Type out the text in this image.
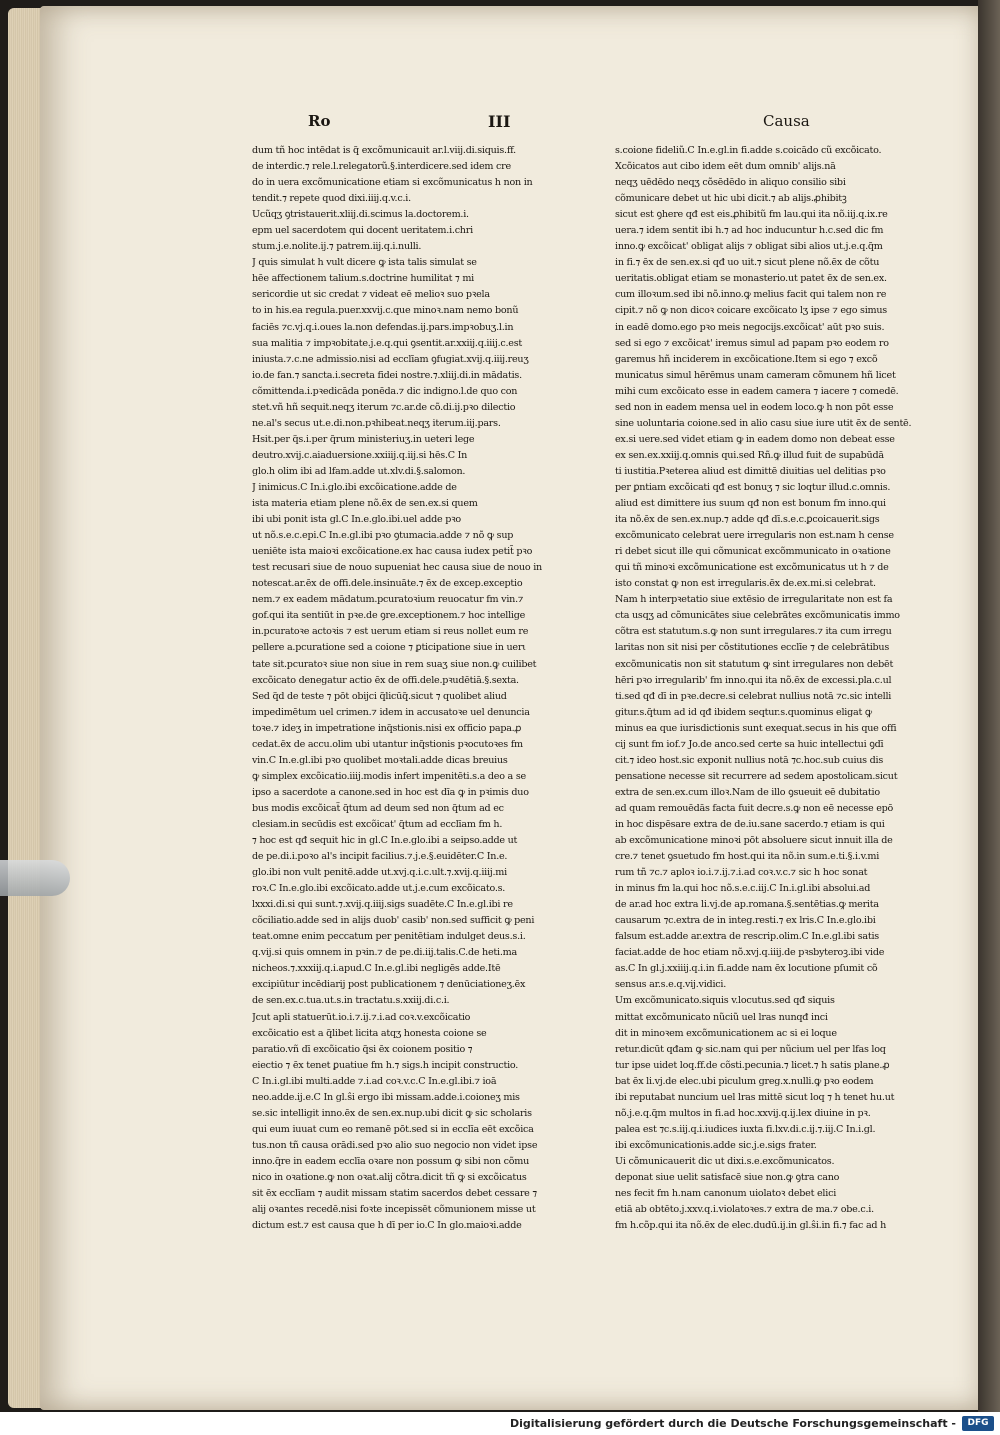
Ro	III	Causa
dum tñ hoc intēdat is q̃ excõmunicauit ar.l.viij.di.siquis.ff.
de interdic.⁊ rele.l.relegatorũ.§.interdicere.sed idem cre
do in uera excõmunicatione etiam si excõmunicatus h non in
tendit.⁊ repete quod dixi.iiij.q.v.c.i.
Ucũqʒ ꝯtristauerit.xliij.di.scimus la.doctorem.i.
epm uel sacerdotem qui docent ueritatem.i.chri
stum.j.e.nolite.ij.⁊ patrem.iij.q.i.nulli.
J quis simulat h vult dicere ꝙ ista talis simulat se
hēe affectionem talium.s.doctrine humilitat ⁊ mi
sericordie ut sic credat ⁊ videat eē melioꝛ suo pꝛela
to in his.ea regula.puer.xxvij.c.que minoꝛ.nam nemo bonũ
faciēs ⁊c.vj.q.i.oues la.non defendas.ij.pars.impꝛobuʒ.l.in
sua malitia ⁊ impꝛobitate.j.e.q.qui ꝯsentit.ar.xxiij.q.iiij.c.est
iniusta.⁊.c.ne admissio.nisi ad ecclīam ꝯfugiat.xvij.q.iiij.reuʒ
io.de fan.⁊ sancta.i.secreta fidei nostre.⁊.xliij.di.in mādatis.
cõmittenda.i.pꝛedicāda ponēda.⁊ dic indigno.l.de quo con
stet.vñ hñ sequit.neqʒ iterum ⁊c.ar.de cõ.di.ij.pꝛo dilectio
ne.al's secus ut.e.di.non.pꝛhibeat.neqʒ iterum.iij.pars.
Hsit.per q̃s.i.per q̃rum ministeriuʒ.in ueteri lege
deutro.xvij.c.aiaduersione.xxiiij.q.iij.si hēs.C In
glo.h olim ibi ad lfam.adde ut.xlv.di.§.salomon.
J inimicus.C In.i.glo.ibi excõicatione.adde de
ista materia etiam plene nõ.ēx de sen.ex.si quem
ibi ubi ponit ista gl.C In.e.glo.ibi.uel adde pꝛo
ut nõ.s.e.c.epi.C In.e.gl.ibi pꝛo ꝯtumacia.adde ⁊ nõ ꝙ sup
ueniēte ista maioꝛi excõicatione.ex hac causa iudex petit̃ pꝛo
test recusari siue de nouo supueniat hec causa siue de nouo in
notescat.ar.ēx de offi.dele.insinuāte.⁊ ēx de excep.exceptio
nem.⁊ ex eadem mādatum.pcuratoꝛium reuocatur fm vin.⁊
gof.qui ita sentiūt in pꝛe.de ꝯre.exceptionem.⁊ hoc intellige
in.pcuratoꝛe actoꝛis ⁊ est uerum etiam si reus nollet eum re
pellere a.pcuratione sed a coione ⁊ ꝑticipatione siue in uerι
tate sit.pcuratoꝛ siue non siue in rem suaʒ siue non.ꝙ cuilibet
excõicato denegatur actio ēx de offi.dele.pꝛudētiā.§.sexta.
Sed q̃d de teste ⁊ pōt obijci q̃licūq̃.sicut ⁊ quolibet aliud
impedimētum uel crimen.⁊ idem in accusatoꝛe uel denuncia
toꝛe.⁊ ideʒ in impetratione inq̃stionis.nisi ex officio papa.ꝓ
cedat.ēx de accu.olim ubi utantur inq̃stionis pꝛocutoꝛes fm
vin.C In.e.gl.ibi pꝛo quolibet moꝛtali.adde dicas breuius
ꝙ simplex excõicatio.iiij.modis infert impenitēti.s.a deo a se
ipso a sacerdote a canone.sed in hoc est dīa ꝙ in pꝛimis duo
bus modis excõicat̃ q̃tum ad deum sed non q̃tum ad ec
clesiam.in secūdis est excõicat' q̃tum ad ecclīam fm h.
⁊ hoc est qđ sequit hic in gl.C In.e.glo.ibi a seipso.adde ut
de pe.di.i.poꝛo al's incipit facilius.⁊.j.e.§.euidēter.C In.e.
glo.ibi non vult penitē.adde ut.xvj.q.i.c.ult.⁊.xvij.q.iiij.mi
roꝛ.C In.e.glo.ibi excõicato.adde ut.j.e.cum excõicato.s.
lxxxi.di.si qui sunt.⁊.xvij.q.iiij.sigs suadēte.C In.e.gl.ibi re
cõciliatio.adde sed in alijs duob' casib' non.sed sufficit ꝙ peni
teat.omne enim peccatum per penitētiam indulget deus.s.i.
q.vij.si quis omnem in pꝛin.⁊ de pe.di.iij.talis.C.de heti.ma
nicheos.⁊.xxxiij.q.i.apud.C In.e.gl.ibi negligēs adde.Itē
excipiūtur incēdiarij post publicationem ⁊ denūciationeʒ.ēx
de sen.ex.c.tua.ut.s.in tractatu.s.xxiij.di.c.i.
Jcut apli statuerūt.io.i.⁊.ij.⁊.i.ad coꝛ.v.excõicatio
excõicatio est a q̃libet licita atqʒ honesta coione se
paratio.vñ dī excõicatio q̃si ēx coionem positio ⁊
eiectio ⁊ ēx tenet ꝑuatiue fm h.⁊ sigs.h incipit constructio.
C In.i.gl.ibi multi.adde ⁊.i.ad coꝛ.v.c.C In.e.gl.ibi.⁊ ioā
neo.adde.ij.e.C In gl.ŝi ergo ibi missam.adde.i.coioneʒ mis
se.sic intelligit inno.ēx de sen.ex.nup.ubi dicit ꝙ sic scholaris
qui eum iuuat cum eo remanē pōt.sed si in ecclīa eēt excõica
tus.non tñ causa orādi.sed pꝛo alio suo negocio non videt ipse
inno.q̃re in eadem ecclīa oꝛare non possum ꝙ sibi non cõmu
nico in oꝛatione.ꝙ non oꝛat.alij cõtra.dicit tñ ꝙ si excõicatus
sit ēx ecclīam ⁊ audit missam statim sacerdos debet cessare ⁊
alij oꝛantes recedē.nisi foꝛte incepissēt cõmunionem misse ut
dictum est.⁊ est causa que h dī per io.C In glo.maioꝛi.adde
s.coione fideliũ.C In.e.gl.in fi.adde s.coicādo cũ excõicato.
Xcõicatos aut cibo idem eēt dum omnib' alijs.nā
neqʒ uēdēdo neqʒ cõsēdēdo in aliquo consilio sibi
cõmunicare debet ut hic ubi dicit.⁊ ab alijs.ꝓhibitꝫ
sicut est ꝯhere qđ est eis.ꝓhibitũ fm lau.qui ita nõ.iij.q.ix.re
uera.⁊ idem sentit ibi h.⁊ ad hoc inducuntur h.c.sed dic fm
inno.ꝙ excõicat' obligat alijs ⁊ obligat sibi alios ut.j.e.q.q̃m
in fi.⁊ ēx de sen.ex.si qđ uo uit.⁊ sicut plene nõ.ēx de cõtu
ueritatis.obligat etiam se monasterio.ut patet ēx de sen.ex.
cum illoꝛum.sed ibi nõ.inno.ꝙ melius facit qui talem non re
cipit.⁊ nõ ꝙ non dicoꝛ coicare excõicato lʒ ipse ⁊ ego simus
in eadē domo.ego pꝛo meis negocijs.excõicat' aūt pꝛo suis.
sed si ego ⁊ excõicat' iremus simul ad papam pꝛo eodem ro
garemus hñ inciderem in excõicatione.Item si ego ⁊ excõ
municatus simul hērēmus unam cameram cõmunem hñ licet
mihi cum excõicato esse in eadem camera ⁊ iacere ⁊ comedē.
sed non in eadem mensa uel in eodem loco.ꝙ h non pōt esse
sine uoluntaria coione.sed in alio casu siue iure utit ēx de sentē.
ex.si uere.sed videt etiam ꝙ in eadem domo non debeat esse
ex sen.ex.xxiij.q.omnis qui.sed Rñ.ꝙ illud fuit de supabūdā
ti iustitia.Pꝛeterea aliud est dimittē diuitias uel delitias pꝛo
per ꝑntiam excõicati qđ est bonuʒ ⁊ sic loqtur illud.c.omnis.
aliud est dimittere ius suum qđ non est bonum fm inno.qui
ita nõ.ēx de sen.ex.nup.⁊ adde qđ dī.s.e.c.ꝑcoicauerit.sigs
excõmunicato celebrat uere irregularis non est.nam h cense
ri debet sicut ille qui cõmunicat excõmmunicato in oꝛatione
qui tñ minoꝛi excõmunicatione est excõmunicatus ut h ⁊ de
isto constat ꝙ non est irregularis.ēx de.ex.mi.si celebrat.
Nam h interpꝛetatio siue extēsio de irregularitate non est fa
cta usqʒ ad cõmunicātes siue celebrātes excõmunicatis immo
cõtra est statutum.s.ꝙ non sunt irregulares.⁊ ita cum irregu
laritas non sit nisi per cõstitutiones ecclīe ⁊ de celebrātibus
excõmunicatis non sit statutum ꝙ sint irregulares non debēt
hēri pꝛo irregularib' fm inno.qui ita nõ.ēx de excessi.pla.c.ul
ti.sed qđ dī in pꝛe.decre.si celebrat nullius notā ⁊c.sic intelli
gitur.s.q̃tum ad id qđ ibidem seqtur.s.quominus eligat ꝙ
minus ea que iurisdictionis sunt exequat.secus in his que offi
cij sunt fm iof.⁊ Jo.de anco.sed certe sa huic intellectui ꝯdī
cit.⁊ ideo host.sic exponit nullius notā ⁊c.hoc.sub cuius dis
pensatione necesse sit recurrere ad sedem apostolicam.sicut
extra de sen.ex.cum illoꝛ.Nam de illo ꝯsueuit eē dubitatio
ad quam remouēdās facta fuit decre.s.ꝙ non eē necesse epō
in hoc dispēsare extra de de.iu.sane sacerdo.⁊ etiam is qui
ab excõmunicatione minoꝛi pōt absoluere sicut innuit illa de
cre.⁊ tenet ꝯsuetudo fm host.qui ita nõ.in sum.e.ti.§.i.v.mi
rum tñ ⁊c.⁊ aploꝛ io.i.⁊.ij.⁊.i.ad coꝛ.v.c.⁊ sic h hoc sonat
in minus fm la.qui hoc nõ.s.e.c.iij.C In.i.gl.ibi absolui.ad
de ar.ad hoc extra li.vj.de ap.romana.§.sentētias.ꝙ merita
causarum ⁊c.extra de in integ.resti.⁊ ex lris.C In.e.glo.ibi
falsum est.adde ar.extra de rescrip.olim.C In.e.gl.ibi satis
faciat.adde de hoc etiam nõ.xvj.q.iiij.de pꝛsbyteroꝫ.ibi vide
as.C In gl.j.xxiiij.q.i.in fi.adde nam ēx locutione pſumit cõ
sensus ar.s.e.q.vij.vidici.
Um excõmunicato.siquis v.locutus.sed qđ siquis
mittat excõmunicato nũciũ uel lras nunqđ inci
dit in minoꝛem excõmunicationem ac si ei loque
retur.dicūt qđam ꝙ sic.nam qui per nũcium uel per lfas loq
tur ipse uidet loq.ff.de cõsti.pecunia.⁊ licet.⁊ h satis plane.ꝓ
bat ēx li.vj.de elec.ubi piculum greg.x.nulli.ꝙ pꝛo eodem
ibi reputabat nuncium uel lras mittē sicut loq ⁊ h tenet hu.ut
nõ.j.e.q.q̃m multos in fi.ad hoc.xxvij.q.ij.lex diuine in pꝛ.
palea est ⁊c.s.iij.q.i.iudices iuxta fi.lxv.di.c.ij.⁊.iij.C In.i.gl.
ibi excõmunicationis.adde sic.j.e.sigs frater.
Ui cõmunicauerit dic ut dixi.s.e.excõmunicatos.
deponat siue uelit satisfacē siue non.ꝙ ꝯtra cano
nes fecit fm h.nam canonum uiolatoꝛ debet elici
etiā ab obtēto.j.xxv.q.i.violatoꝛes.⁊ extra de ma.⁊ obe.c.i.
fm h.cõp.qui ita nõ.ēx de elec.dudū.ij.in gl.ŝi.in fi.⁊ fac ad h
Digitalisierung gefördert durch die Deutsche Forschungsgemeinschaft -	DFG
